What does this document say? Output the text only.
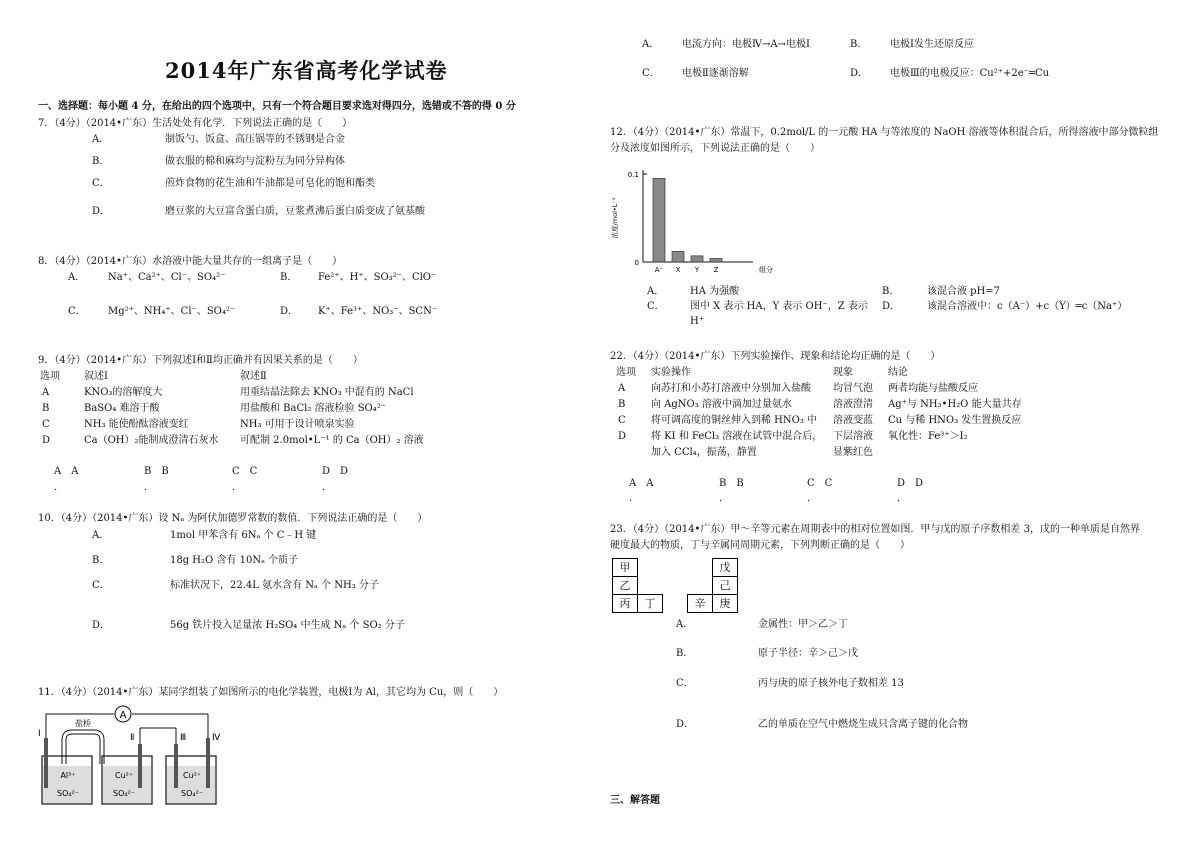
2014年广东省高考化学试卷
一、选择题：每小题 4 分，在给出的四个选项中，只有一个符合题目要求选对得四分，选错或不答的得 0 分
7．（4分）（2014•广东）生活处处有化学．下列说法正确的是（　　）
A．	制饭勺、饭盒、高压锅等的不锈钢是合金
B．	做衣服的棉和麻均与淀粉互为同分异构体
C．	煎炸食物的花生油和牛油都是可皂化的饱和酯类
D．	磨豆浆的大豆富含蛋白质，豆浆煮沸后蛋白质变成了氨基酸
8．（4分）（2014•广东）水溶液中能大量共存的一组离子是（　　）
A． Na⁺、Ca²⁺、Cl⁻、SO₄²⁻	B． Fe²⁺、H⁺、SO₃²⁻、ClO⁻
C． Mg²⁺、NH₄⁺、Cl⁻、SO₄²⁻	D． K⁺、Fe³⁺、NO₃⁻、SCN⁻
9．（4分）（2014•广东）下列叙述Ⅰ和Ⅱ均正确并有因果关系的是（　　）
选项 叙述Ⅰ	叙述Ⅱ
A	KNO₃的溶解度大	用重结晶法除去 KNO₃ 中混有的 NaCl
B	BaSO₄ 难溶于酸	用盐酸和 BaCl₂ 溶液检验 SO₄²⁻
C	NH₃ 能使酚酞溶液变红	NH₃ 可用于设计喷泉实验
D	Ca（OH）₂能制成澄清石灰水 可配制 2.0mol•L⁻¹ 的 Ca（OH）₂ 溶液
A　A	B　B	C　C	D　D
．	．	．	．
10．（4分）（2014•广东）设 Nₐ 为阿伏加德罗常数的数值．下列说法正确的是（　　）
A．	1mol 甲苯含有 6Nₐ 个 C﹣H 键
B．	18g H₂O 含有 10Nₐ 个质子
C．	标准状况下，22.4L 氨水含有 Nₐ 个 NH₃ 分子
D．	56g 铁片投入足量浓 H₂SO₄ 中生成 Nₐ 个 SO₂ 分子
11．（4分）（2014•广东）某同学组装了如图所示的电化学装置，电极Ⅰ为 Al，其它均为 Cu，则（　　）
A
盐桥
Ⅰ	Ⅱ	Ⅲ	Ⅳ
Al³⁺
SO₄²⁻
Cu²⁺
SO₄²⁻
Cu²⁺
SO₄²⁻
A． 电流方向：电极Ⅳ→A→电极Ⅰ	B． 电极Ⅰ发生还原反应
C． 电极Ⅱ逐渐溶解	D． 电极Ⅲ的电极反应：Cu²⁺+2e⁻═Cu
12．（4分）（2014•广东）常温下，0.2mol/L 的一元酸 HA 与等浓度的 NaOH 溶液等体积混合后，所得溶液中部分微粒组
分及浓度如图所示，下列说法正确的是（　　）
0.1
0
浓度/mol•L⁻¹
组分
A⁻ X Y Z
A．	HA 为强酸	B．	该混合液 pH=7
C．	图中 X 表示 HA，Y 表示 OH⁻，Z 表示
H⁺
D．	该混合溶液中：c（A⁻）+c（Y）═c（Na⁺）
22．（4分）（2014•广东）下列实验操作、现象和结论均正确的是（　　）
选项 实验操作	现象	结论
A	向苏打和小苏打溶液中分别加入盐酸 均冒气泡 两者均能与盐酸反应
B	向 AgNO₃ 溶液中滴加过量氨水	溶液澄清 Ag⁺与 NH₃•H₂O 能大量共存
C	将可调高度的铜丝伸入到稀 HNO₃ 中 溶液变蓝 Cu 与稀 HNO₃ 发生置换反应
D 将 KI 和 FeCl₃ 溶液在试管中混合后， 下层溶液 氧化性：Fe³⁺＞I₂
加入 CCl₄，振荡，静置	显紫红色
A　A	B　B	C　C	D　D
．	．	．	．
23．（4分）（2014•广东）甲～辛等元素在周期表中的相对位置如图．甲与戊的原子序数相差 3，戊的一种单质是自然界
硬度最大的物质，丁与辛属同周期元素，下列判断正确的是（　　）
甲				戊
乙				己
丙	丁		辛	庚
A．	金属性：甲＞乙＞丁
B．	原子半径：辛＞己＞戊
C．	丙与庚的原子核外电子数相差 13
D．	乙的单质在空气中燃烧生成只含离子键的化合物
三、解答题
